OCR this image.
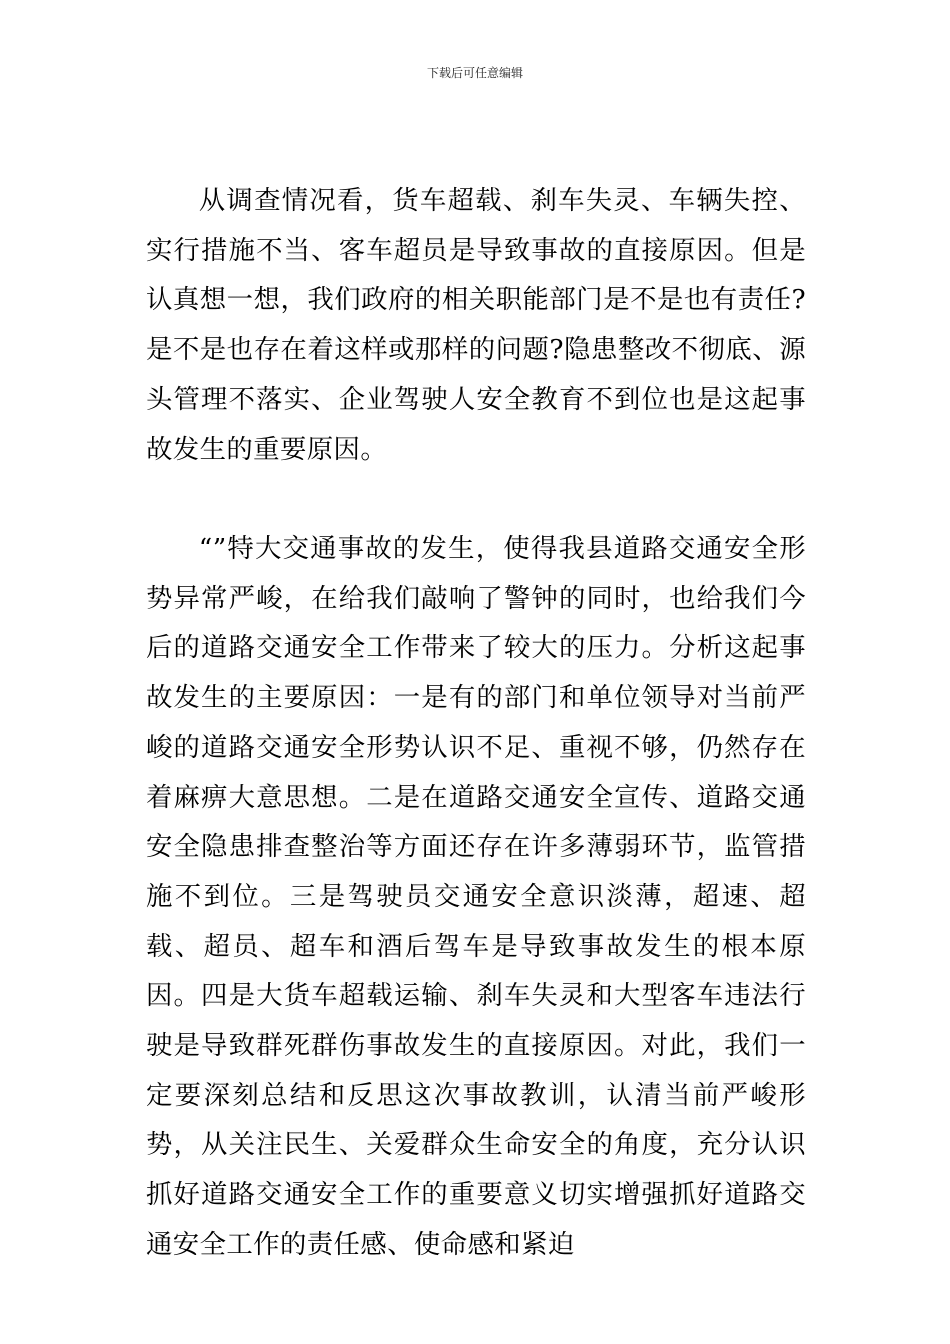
下载后可任意编辑

从调查情况看，货车超载、刹车失灵、车辆失控、实行措施不当、客车超员是导致事故的直接原因。但是认真想一想，我们政府的相关职能部门是不是也有责任?是不是也存在着这样或那样的问题?隐患整改不彻底、源头管理不落实、企业驾驶人安全教育不到位也是这起事故发生的重要原因。

“”特大交通事故的发生，使得我县道路交通安全形势异常严峻，在给我们敲响了警钟的同时，也给我们今后的道路交通安全工作带来了较大的压力。分析这起事故发生的主要原因：一是有的部门和单位领导对当前严峻的道路交通安全形势认识不足、重视不够，仍然存在着麻痹大意思想。二是在道路交通安全宣传、道路交通安全隐患排查整治等方面还存在许多薄弱环节，监管措施不到位。三是驾驶员交通安全意识淡薄，超速、超载、超员、超车和酒后驾车是导致事故发生的根本原因。四是大货车超载运输、刹车失灵和大型客车违法行驶是导致群死群伤事故发生的直接原因。对此，我们一定要深刻总结和反思这次事故教训，认清当前严峻形势，从关注民生、关爱群众生命安全的角度，充分认识抓好道路交通安全工作的重要意义切实增强抓好道路交通安全工作的责任感、使命感和紧迫
